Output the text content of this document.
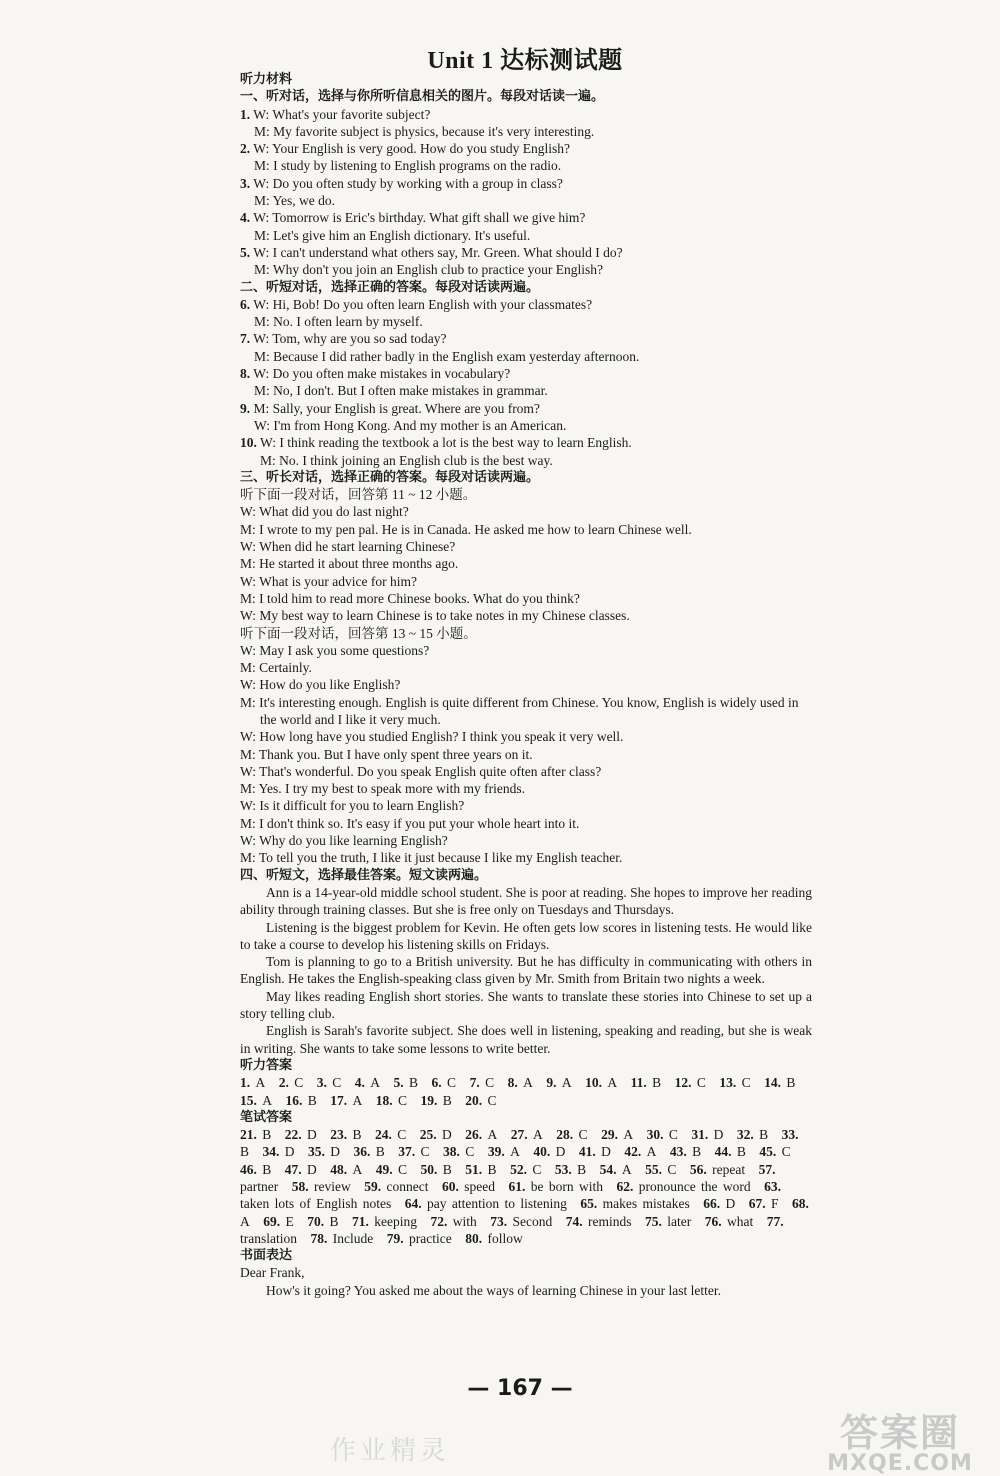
Unit 1 达标测试题
听力材料
一、听对话，选择与你所听信息相关的图片。每段对话读一遍。
1. W: What's your favorite subject?
M: My favorite subject is physics, because it's very interesting.
2. W: Your English is very good. How do you study English?
M: I study by listening to English programs on the radio.
3. W: Do you often study by working with a group in class?
M: Yes, we do.
4. W: Tomorrow is Eric's birthday. What gift shall we give him?
M: Let's give him an English dictionary. It's useful.
5. W: I can't understand what others say, Mr. Green. What should I do?
M: Why don't you join an English club to practice your English?
二、听短对话，选择正确的答案。每段对话读两遍。
6. W: Hi, Bob! Do you often learn English with your classmates?
M: No. I often learn by myself.
7. W: Tom, why are you so sad today?
M: Because I did rather badly in the English exam yesterday afternoon.
8. W: Do you often make mistakes in vocabulary?
M: No, I don't. But I often make mistakes in grammar.
9. M: Sally, your English is great. Where are you from?
W: I'm from Hong Kong. And my mother is an American.
10. W: I think reading the textbook a lot is the best way to learn English.
M: No. I think joining an English club is the best way.
三、听长对话，选择正确的答案。每段对话读两遍。
听下面一段对话，回答第 11 ~ 12 小题。
W: What did you do last night?
M: I wrote to my pen pal. He is in Canada. He asked me how to learn Chinese well.
W: When did he start learning Chinese?
M: He started it about three months ago.
W: What is your advice for him?
M: I told him to read more Chinese books. What do you think?
W: My best way to learn Chinese is to take notes in my Chinese classes.
听下面一段对话，回答第 13 ~ 15 小题。
W: May I ask you some questions?
M: Certainly.
W: How do you like English?
M: It's interesting enough. English is quite different from Chinese. You know, English is widely used in the world and I like it very much.
W: How long have you studied English? I think you speak it very well.
M: Thank you. But I have only spent three years on it.
W: That's wonderful. Do you speak English quite often after class?
M: Yes. I try my best to speak more with my friends.
W: Is it difficult for you to learn English?
M: I don't think so. It's easy if you put your whole heart into it.
W: Why do you like learning English?
M: To tell you the truth, I like it just because I like my English teacher.
四、听短文，选择最佳答案。短文读两遍。
Ann is a 14-year-old middle school student. She is poor at reading. She hopes to improve her reading ability through training classes. But she is free only on Tuesdays and Thursdays.
Listening is the biggest problem for Kevin. He often gets low scores in listening tests. He would like to take a course to develop his listening skills on Fridays.
Tom is planning to go to a British university. But he has difficulty in communicating with others in English. He takes the English-speaking class given by Mr. Smith from Britain two nights a week.
May likes reading English short stories. She wants to translate these stories into Chinese to set up a story telling club.
English is Sarah's favorite subject. She does well in listening, speaking and reading, but she is weak in writing. She wants to take some lessons to write better.
听力答案
1. A  2. C  3. C  4. A  5. B  6. C  7. C  8. A  9. A  10. A  11. B  12. C  13. C  14. B 15. A  16. B  17. A  18. C  19. B  20. C
笔试答案
21. B  22. D  23. B  24. C  25. D  26. A  27. A  28. C  29. A  30. C  31. D  32. B  33. B  34. D  35. D  36. B  37. C  38. C  39. A  40. D  41. D  42. A  43. B  44. B  45. C 46. B  47. D  48. A  49. C  50. B  51. B  52. C  53. B  54. A  55. C  56. repeat  57. partner  58. review  59. connect  60. speed  61. be born with  62. pronounce the word  63. taken lots of English notes  64. pay attention to listening  65. makes mistakes  66. D  67. F  68. A  69. E  70. B  71. keeping  72. with  73. Second  74. reminds  75. later  76. what  77. translation  78. Include  79. practice  80. follow
书面表达
Dear Frank,
How's it going? You asked me about the ways of learning Chinese in your last letter.
— 167 —
作业精灵	答案圈
MXQE.COM
